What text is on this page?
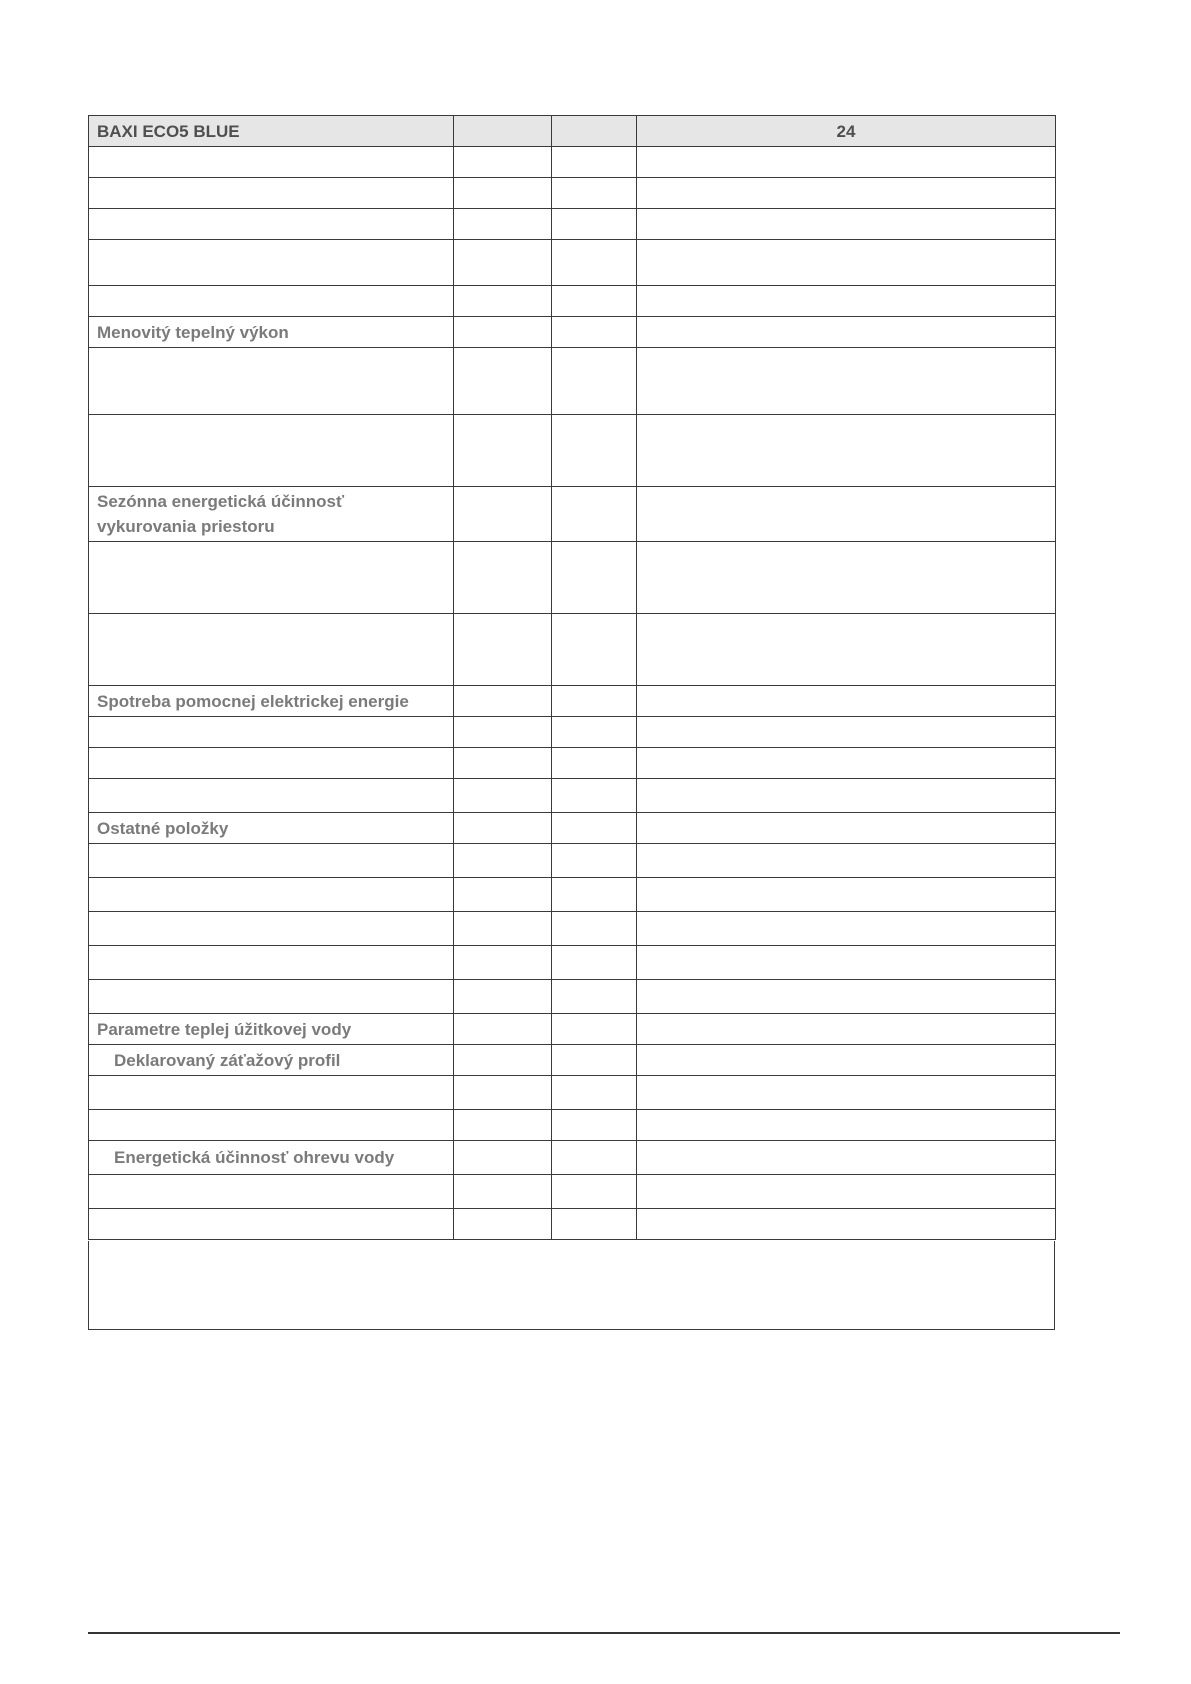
BAXI ECO5 BLUE			24

Menovitý tepelný výkon			

Sezónna energetická účinnosť vykurovania priestoru			

Spotreba pomocnej elektrickej energie			

Ostatné položky			

Parametre teplej úžitkovej vody			
Deklarovaný záťažový profil			

Energetická účinnosť ohrevu vody			
